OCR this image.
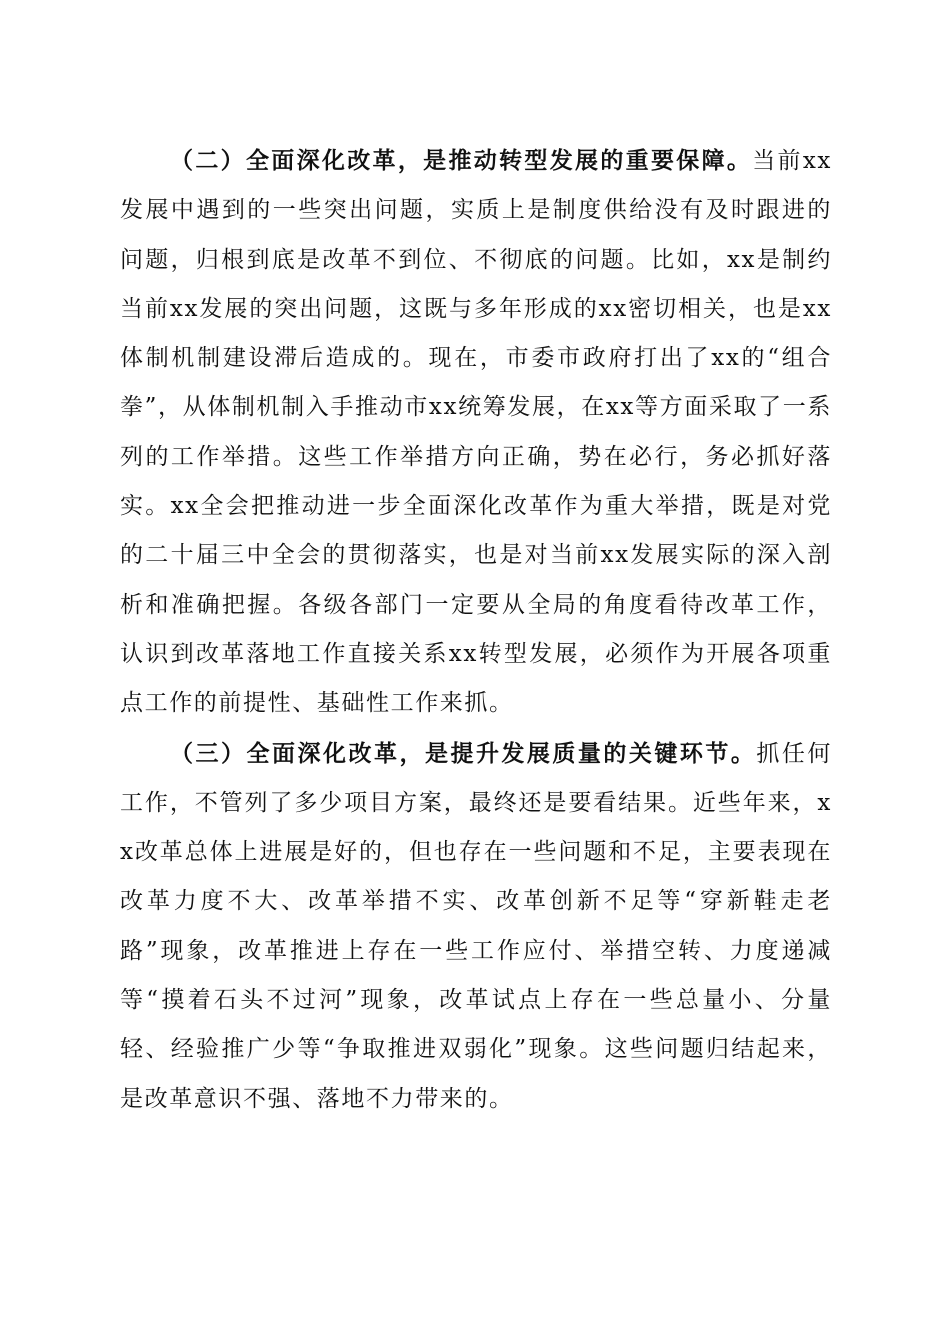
（二）全面深化改革，是推动转型发展的重要保障。当前xx发展中遇到的一些突出问题，实质上是制度供给没有及时跟进的问题，归根到底是改革不到位、不彻底的问题。比如，xx是制约当前xx发展的突出问题，这既与多年形成的xx密切相关，也是xx体制机制建设滞后造成的。现在，市委市政府打出了xx的“组合拳”，从体制机制入手推动市xx统筹发展，在xx等方面采取了一系列的工作举措。这些工作举措方向正确，势在必行，务必抓好落实。xx全会把推动进一步全面深化改革作为重大举措，既是对党的二十届三中全会的贯彻落实，也是对当前xx发展实际的深入剖析和准确把握。各级各部门一定要从全局的角度看待改革工作，认识到改革落地工作直接关系xx转型发展，必须作为开展各项重点工作的前提性、基础性工作来抓。

（三）全面深化改革，是提升发展质量的关键环节。抓任何工作，不管列了多少项目方案，最终还是要看结果。近些年来，xx改革总体上进展是好的，但也存在一些问题和不足，主要表现在改革力度不大、改革举措不实、改革创新不足等“穿新鞋走老路”现象，改革推进上存在一些工作应付、举措空转、力度递减等“摸着石头不过河”现象，改革试点上存在一些总量小、分量轻、经验推广少等“争取推进双弱化”现象。这些问题归结起来，是改革意识不强、落地不力带来的。
